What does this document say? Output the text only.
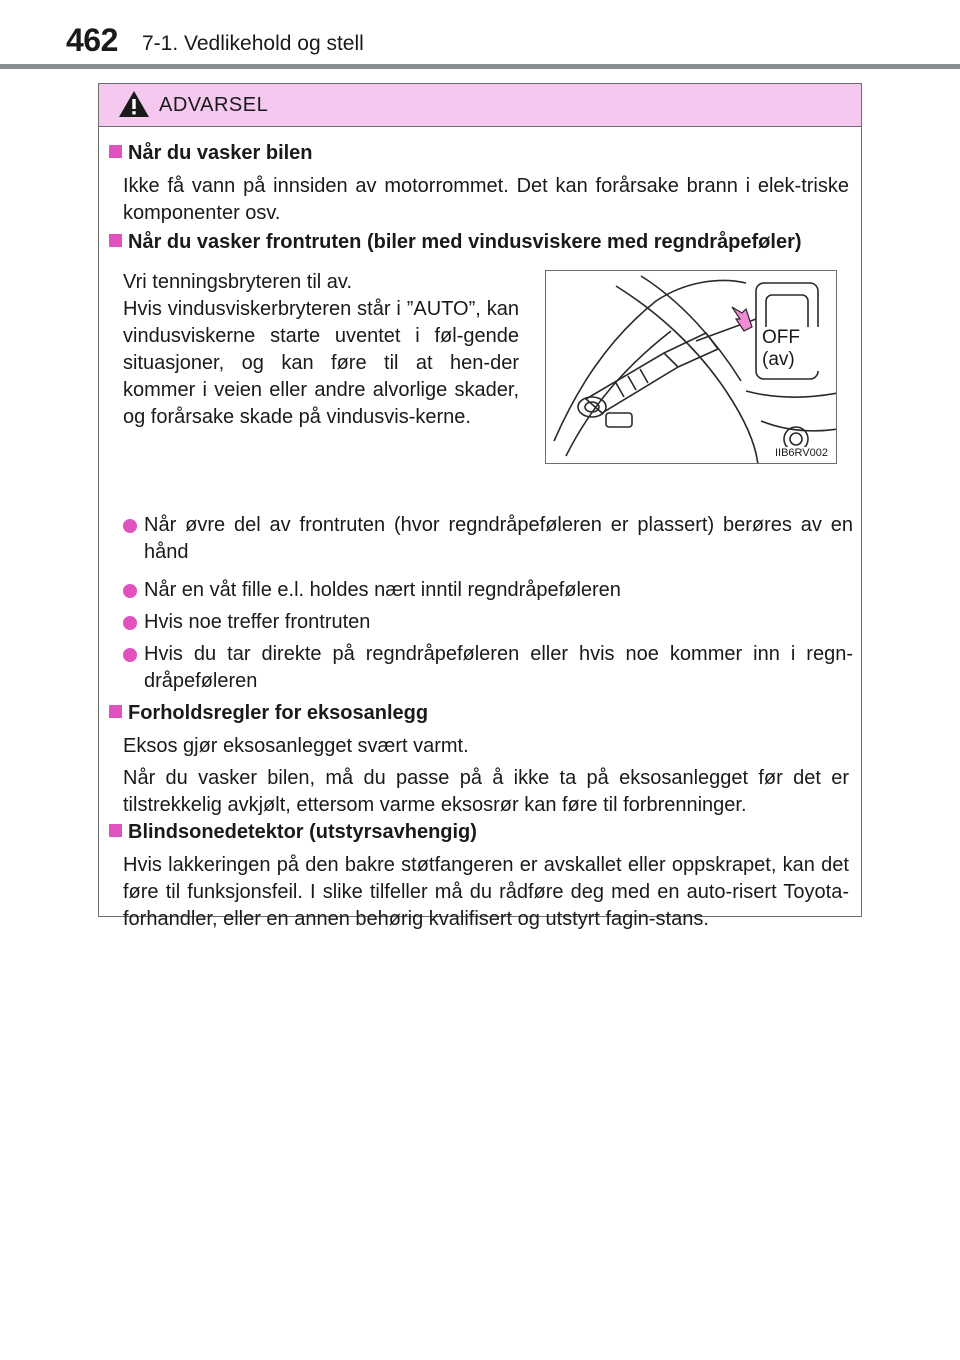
462 7-1. Vedlikehold og stell
ADVARSEL
Når du vasker bilen
Ikke få vann på innsiden av motorrommet. Det kan forårsake brann i elek-triske komponenter osv.
Når du vasker frontruten (biler med vindusviskere med regndråpeføler)
Vri tenningsbryteren til av.
Hvis vindusviskerbryteren står i ”AUTO”, kan vindusviskerne starte uventet i føl-gende situasjoner, og kan føre til at hen-der kommer i veien eller andre alvorlige skader, og forårsake skade på vindusvis-kerne.
OFF (av)
IIB6RV002
Når øvre del av frontruten (hvor regndråpeføleren er plassert) berøres av en hånd
Når en våt fille e.l. holdes nært inntil regndråpeføleren
Hvis noe treffer frontruten
Hvis du tar direkte på regndråpeføleren eller hvis noe kommer inn i regn-dråpeføleren
Forholdsregler for eksosanlegg
Eksos gjør eksosanlegget svært varmt.
Når du vasker bilen, må du passe på å ikke ta på eksosanlegget før det er tilstrekkelig avkjølt, ettersom varme eksosrør kan føre til forbrenninger.
Blindsonedetektor (utstyrsavhengig)
Hvis lakkeringen på den bakre støtfangeren er avskallet eller oppskrapet, kan det føre til funksjonsfeil. I slike tilfeller må du rådføre deg med en auto-risert Toyota-forhandler, eller en annen behørig kvalifisert og utstyrt fagin-stans.
